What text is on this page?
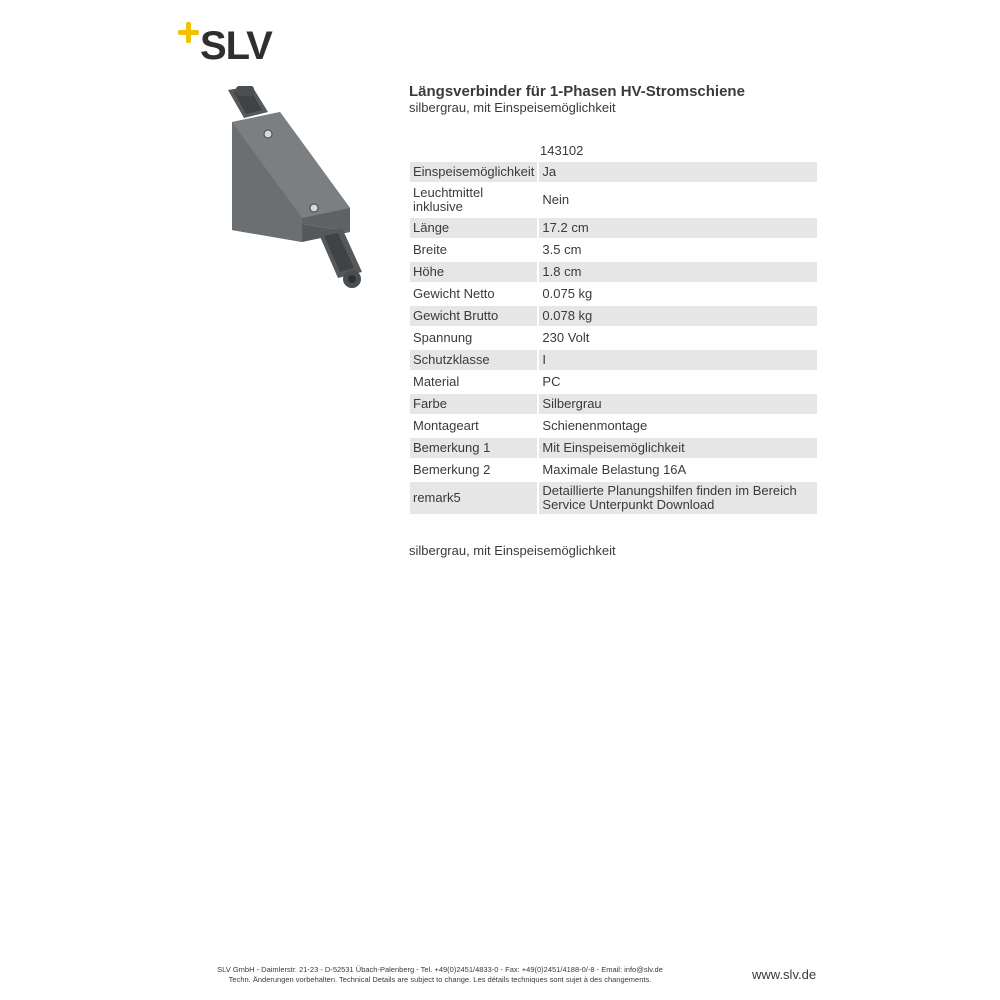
SLV
Längsverbinder für 1-Phasen HV-Stromschiene
silbergrau, mit Einspeisemöglichkeit
143102
Einspeisemöglichkeit	Ja
Leuchtmittel inklusive	Nein
Länge	17.2 cm
Breite	3.5 cm
Höhe	1.8 cm
Gewicht Netto	0.075 kg
Gewicht Brutto	0.078 kg
Spannung	230 Volt
Schutzklasse	I
Material	PC
Farbe	Silbergrau
Montageart	Schienenmontage
Bemerkung 1	Mit Einspeisemöglichkeit
Bemerkung 2	Maximale Belastung 16A
remark5	Detaillierte Planungshilfen finden im Bereich Service Unterpunkt Download
silbergrau, mit Einspeisemöglichkeit
SLV GmbH - Daimlerstr. 21-23 - D-52531 Übach-Palenberg - Tel. +49(0)2451/4833-0 - Fax: +49(0)2451/4188-0/-8 - Email: info@slv.de
Techn. Änderungen vorbehalten. Technical Details are subject to change. Les détails techniques sont sujet à des changements.	www.slv.de
